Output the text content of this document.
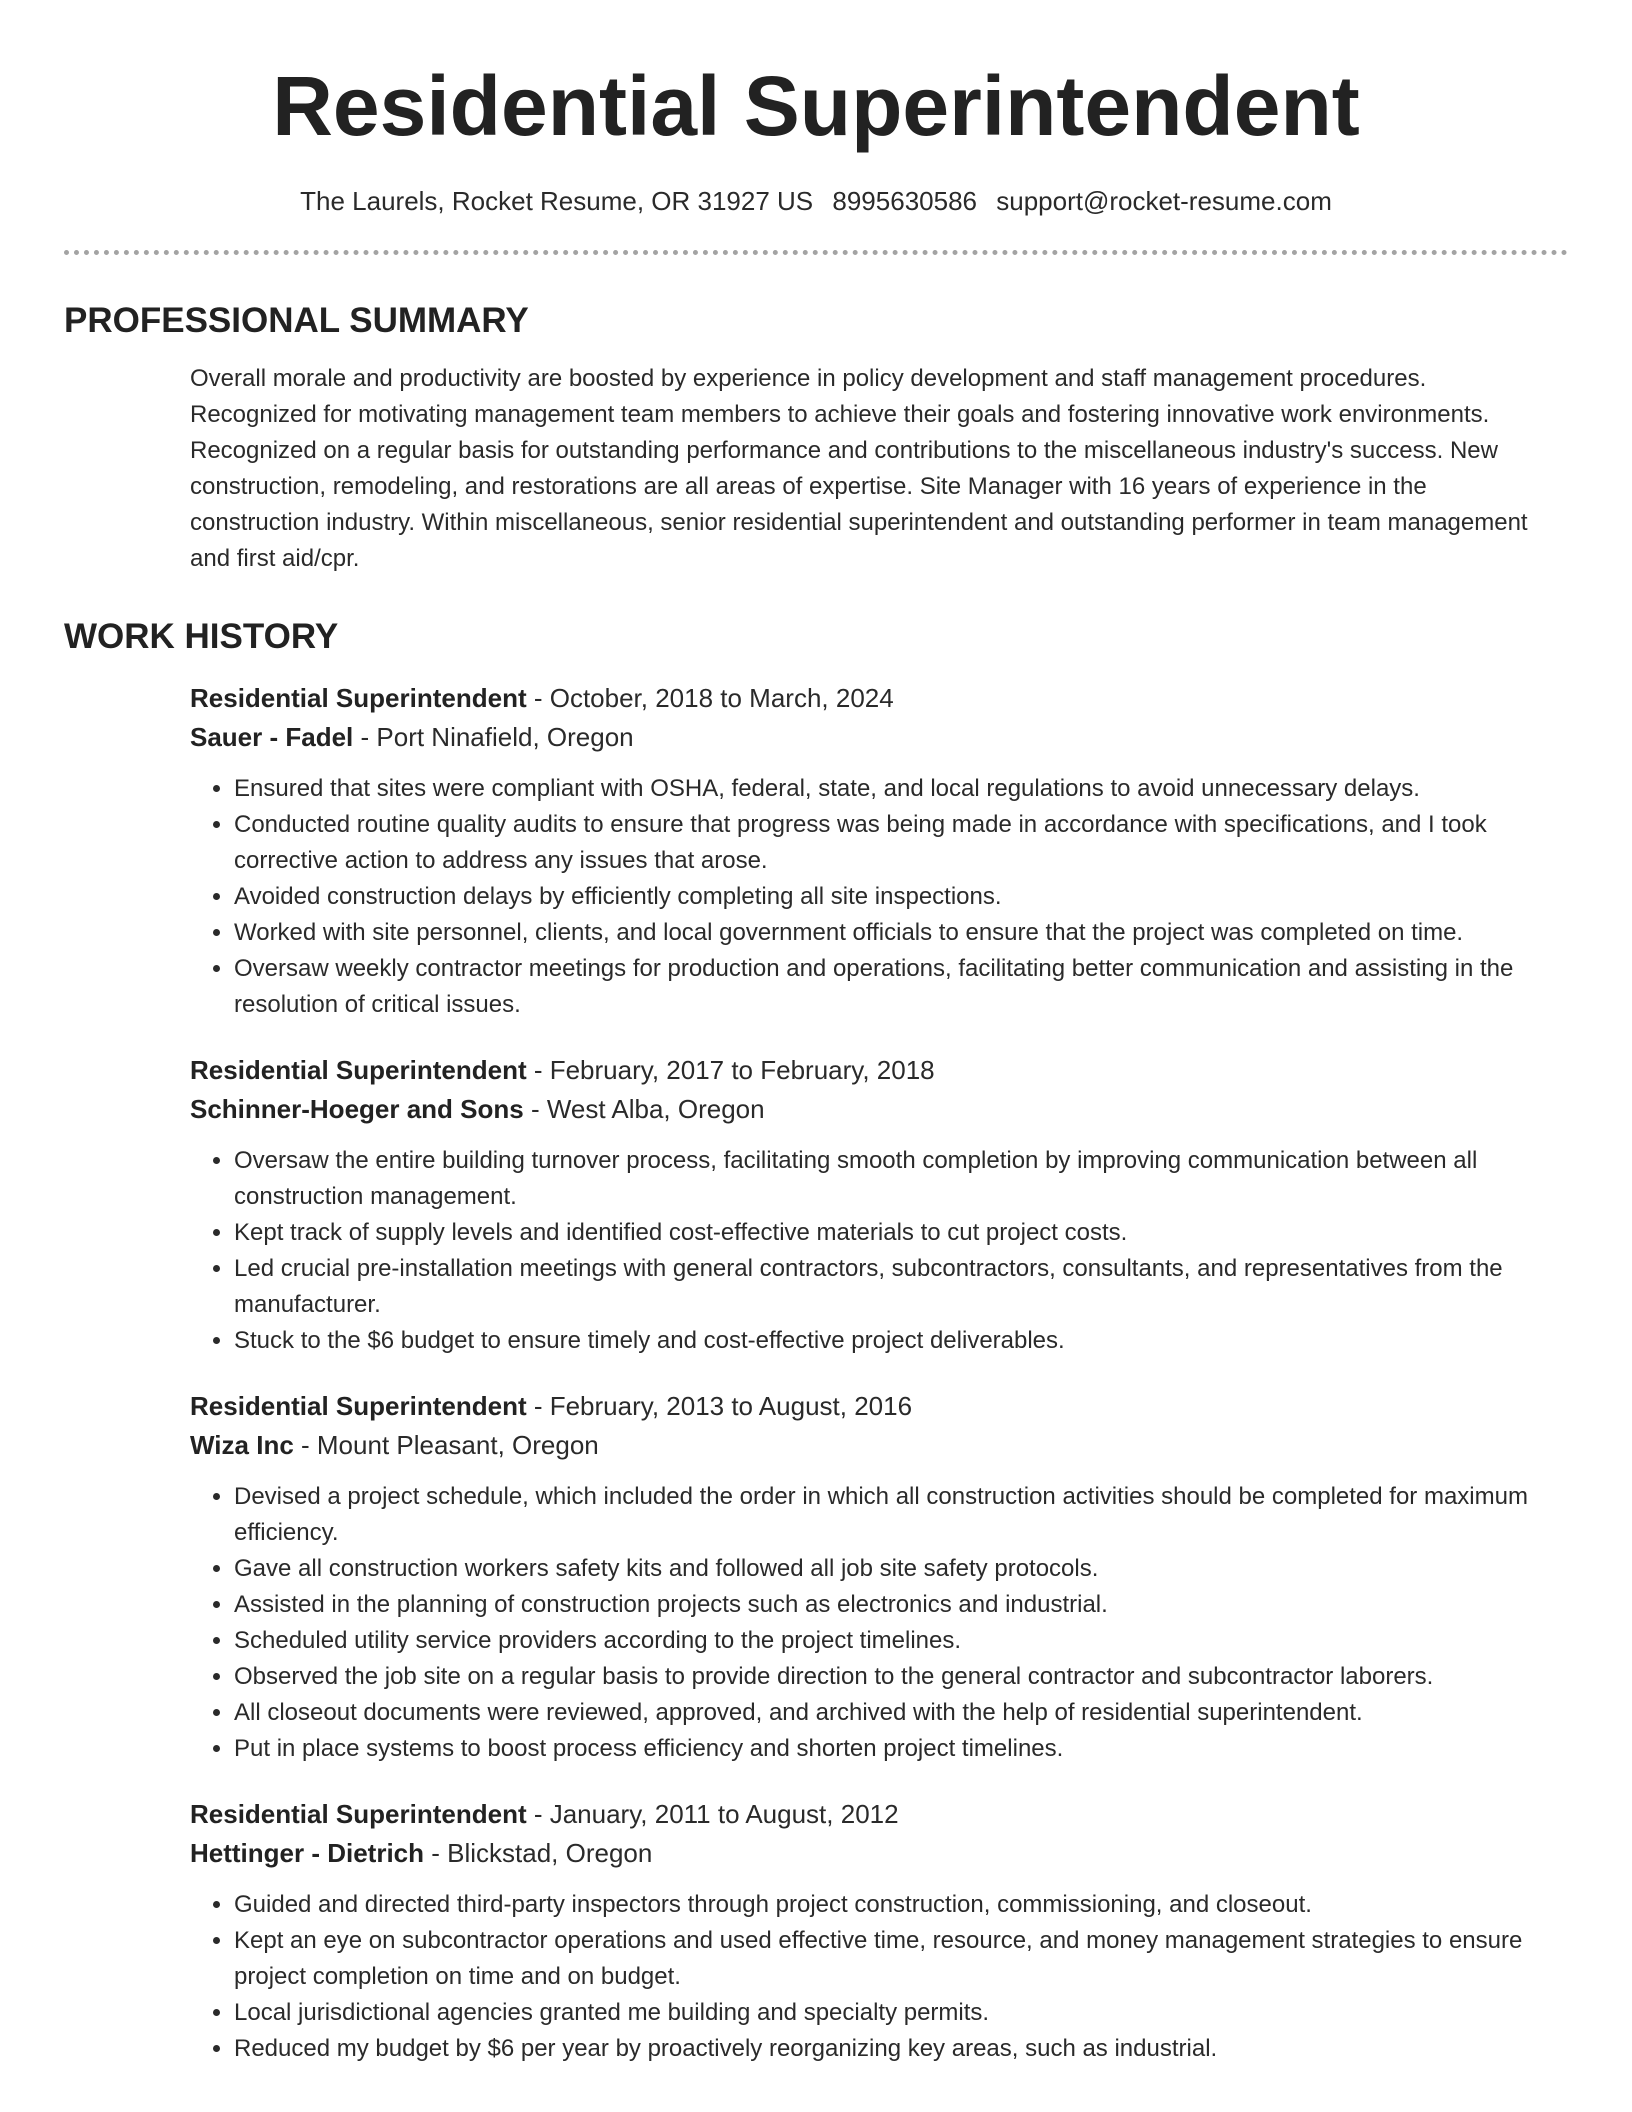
Residential Superintendent
The Laurels, Rocket Resume, OR 31927 US 8995630586 support@rocket-resume.com
PROFESSIONAL SUMMARY

Overall morale and productivity are boosted by experience in policy development and staff management procedures. Recognized for motivating management team members to achieve their goals and fostering innovative work environments. Recognized on a regular basis for outstanding performance and contributions to the miscellaneous industry's success. New construction, remodeling, and restorations are all areas of expertise. Site Manager with 16 years of experience in the construction industry. Within miscellaneous, senior residential superintendent and outstanding performer in team management and first aid/cpr.

WORK HISTORY
Residential Superintendent - October, 2018 to March, 2024
Sauer - Fadel - Port Ninafield, Oregon
• Ensured that sites were compliant with OSHA, federal, state, and local regulations to avoid unnecessary delays.
• Conducted routine quality audits to ensure that progress was being made in accordance with specifications, and I took corrective action to address any issues that arose.
• Avoided construction delays by efficiently completing all site inspections.
• Worked with site personnel, clients, and local government officials to ensure that the project was completed on time.
• Oversaw weekly contractor meetings for production and operations, facilitating better communication and assisting in the resolution of critical issues.
Residential Superintendent - February, 2017 to February, 2018
Schinner-Hoeger and Sons - West Alba, Oregon
• Oversaw the entire building turnover process, facilitating smooth completion by improving communication between all construction management.
• Kept track of supply levels and identified cost-effective materials to cut project costs.
• Led crucial pre-installation meetings with general contractors, subcontractors, consultants, and representatives from the manufacturer.
• Stuck to the $6 budget to ensure timely and cost-effective project deliverables.
Residential Superintendent - February, 2013 to August, 2016
Wiza Inc - Mount Pleasant, Oregon
• Devised a project schedule, which included the order in which all construction activities should be completed for maximum efficiency.
• Gave all construction workers safety kits and followed all job site safety protocols.
• Assisted in the planning of construction projects such as electronics and industrial.
• Scheduled utility service providers according to the project timelines.
• Observed the job site on a regular basis to provide direction to the general contractor and subcontractor laborers.
• All closeout documents were reviewed, approved, and archived with the help of residential superintendent.
• Put in place systems to boost process efficiency and shorten project timelines.
Residential Superintendent - January, 2011 to August, 2012
Hettinger - Dietrich - Blickstad, Oregon
• Guided and directed third-party inspectors through project construction, commissioning, and closeout.
• Kept an eye on subcontractor operations and used effective time, resource, and money management strategies to ensure project completion on time and on budget.
• Local jurisdictional agencies granted me building and specialty permits.
• Reduced my budget by $6 per year by proactively reorganizing key areas, such as industrial.
